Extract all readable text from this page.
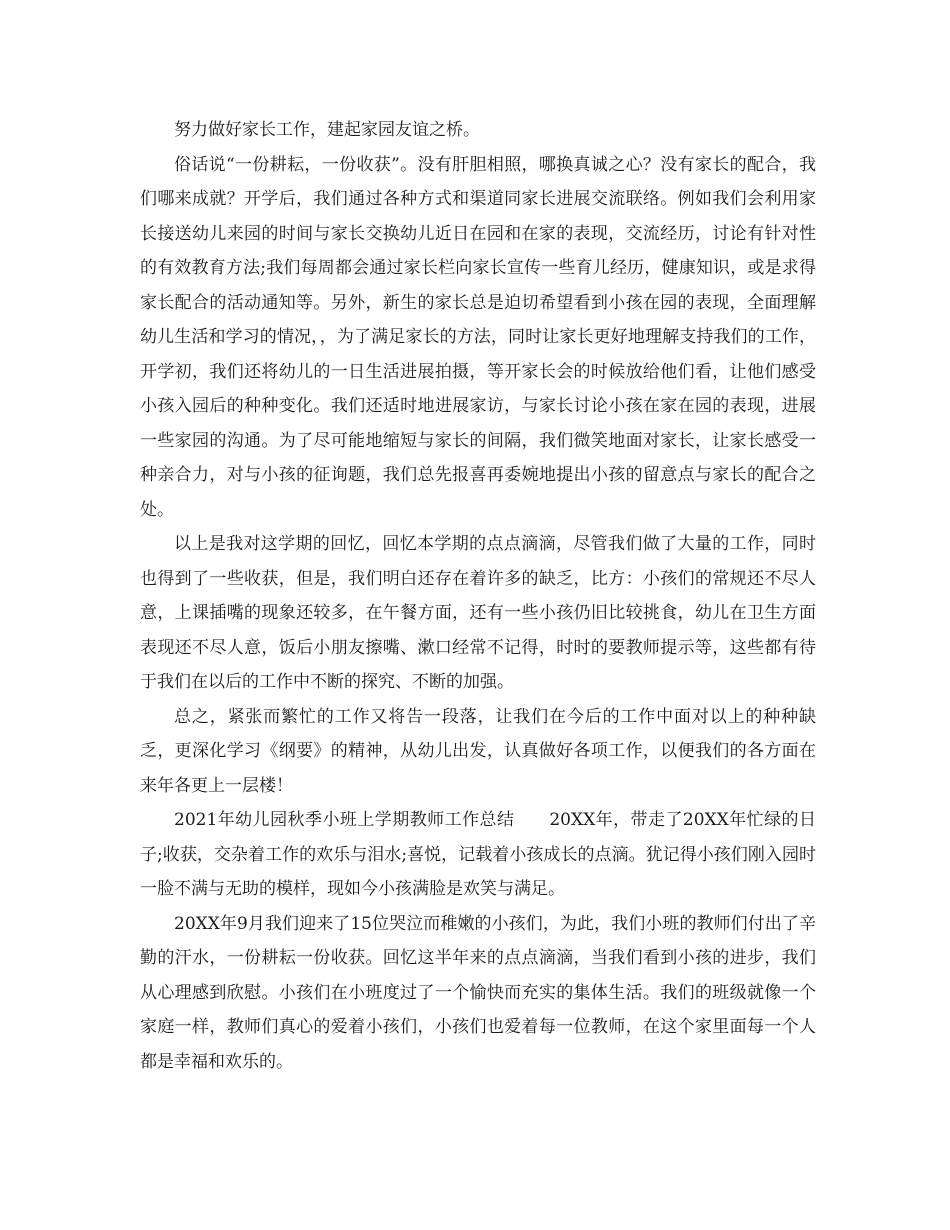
努力做好家长工作，建起家园友谊之桥。

俗话说“一份耕耘，一份收获”。没有肝胆相照，哪换真诚之心？没有家长的配合，我们哪来成就？开学后，我们通过各种方式和渠道同家长进展交流联络。例如我们会利用家长接送幼儿来园的时间与家长交换幼儿近日在园和在家的表现，交流经历，讨论有针对性的有效教育方法;我们每周都会通过家长栏向家长宣传一些育儿经历，健康知识，或是求得家长配合的活动通知等。另外，新生的家长总是迫切希望看到小孩在园的表现，全面理解幼儿生活和学习的情况，，为了满足家长的方法，同时让家长更好地理解支持我们的工作，开学初，我们还将幼儿的一日生活进展拍摄，等开家长会的时候放给他们看，让他们感受小孩入园后的种种变化。我们还适时地进展家访，与家长讨论小孩在家在园的表现，进展一些家园的沟通。为了尽可能地缩短与家长的间隔，我们微笑地面对家长，让家长感受一种亲合力，对与小孩的征询题，我们总先报喜再委婉地提出小孩的留意点与家长的配合之处。

以上是我对这学期的回忆，回忆本学期的点点滴滴，尽管我们做了大量的工作，同时也得到了一些收获，但是，我们明白还存在着许多的缺乏，比方：小孩们的常规还不尽人意，上课插嘴的现象还较多，在午餐方面，还有一些小孩仍旧比较挑食，幼儿在卫生方面表现还不尽人意，饭后小朋友擦嘴、漱口经常不记得，时时的要教师提示等，这些都有待于我们在以后的工作中不断的探究、不断的加强。

总之，紧张而繁忙的工作又将告一段落，让我们在今后的工作中面对以上的种种缺乏，更深化学习《纲要》的精神，从幼儿出发，认真做好各项工作，以便我们的各方面在来年各更上一层楼！

2021年幼儿园秋季小班上学期教师工作总结　　20XX年，带走了20XX年忙绿的日子;收获，交杂着工作的欢乐与泪水;喜悦，记载着小孩成长的点滴。犹记得小孩们刚入园时一脸不满与无助的模样，现如今小孩满脸是欢笑与满足。

20XX年9月我们迎来了15位哭泣而稚嫩的小孩们，为此，我们小班的教师们付出了辛勤的汗水，一份耕耘一份收获。回忆这半年来的点点滴滴，当我们看到小孩的进步，我们从心理感到欣慰。小孩们在小班度过了一个愉快而充实的集体生活。我们的班级就像一个家庭一样，教师们真心的爱着小孩们，小孩们也爱着每一位教师，在这个家里面每一个人都是幸福和欢乐的。
